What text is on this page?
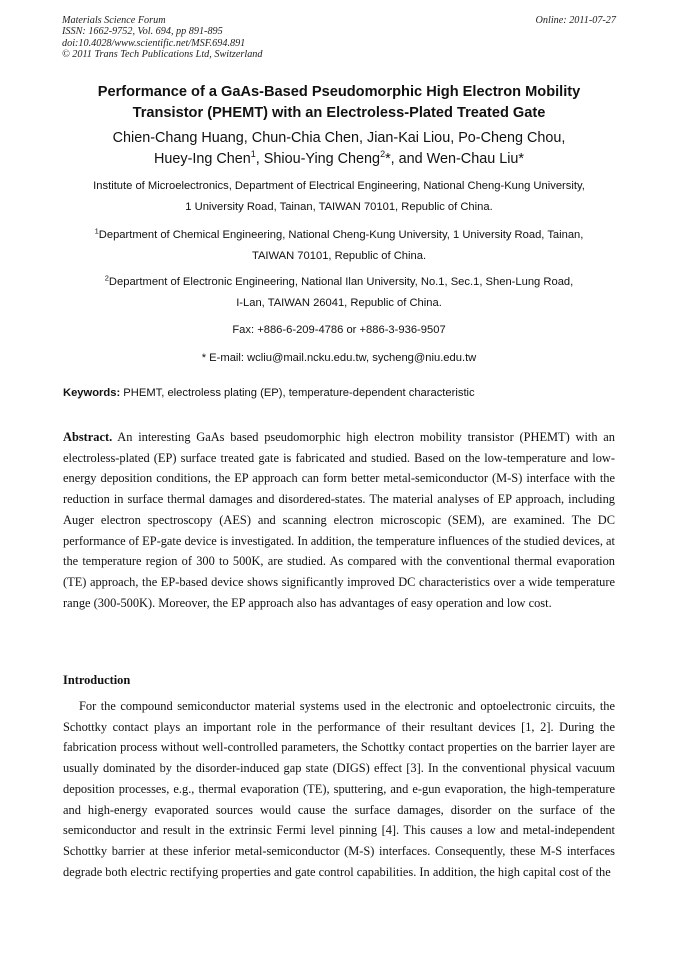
Materials Science Forum
ISSN: 1662-9752, Vol. 694, pp 891-895
doi:10.4028/www.scientific.net/MSF.694.891
© 2011 Trans Tech Publications Ltd, Switzerland
Online: 2011-07-27
Performance of a GaAs-Based Pseudomorphic High Electron Mobility
Transistor (PHEMT) with an Electroless-Plated Treated Gate
Chien-Chang Huang, Chun-Chia Chen, Jian-Kai Liou, Po-Cheng Chou,
Huey-Ing Chen$^1$, Shiou-Ying Cheng$^2$*, and Wen-Chau Liu*
Institute of Microelectronics, Department of Electrical Engineering, National Cheng-Kung University,
1 University Road, Tainan, TAIWAN 70101, Republic of China.
$^1$Department of Chemical Engineering, National Cheng-Kung University, 1 University Road, Tainan,
TAIWAN 70101, Republic of China.
$^2$Department of Electronic Engineering, National Ilan University, No.1, Sec.1, Shen-Lung Road,
I-Lan, TAIWAN 26041, Republic of China.
Fax: +886-6-209-4786 or +886-3-936-9507
* E-mail: wcliu@mail.ncku.edu.tw, sycheng@niu.edu.tw
Keywords: PHEMT, electroless plating (EP), temperature-dependent characteristic
Abstract. An interesting GaAs based pseudomorphic high electron mobility transistor (PHEMT) with an electroless-plated (EP) surface treated gate is fabricated and studied. Based on the low-temperature and low-energy deposition conditions, the EP approach can form better metal-semiconductor (M-S) interface with the reduction in surface thermal damages and disordered-states. The material analyses of EP approach, including Auger electron spectroscopy (AES) and scanning electron microscopic (SEM), are examined. The DC performance of EP-gate device is investigated. In addition, the temperature influences of the studied devices, at the temperature region of 300 to 500K, are studied. As compared with the conventional thermal evaporation (TE) approach, the EP-based device shows significantly improved DC characteristics over a wide temperature range (300-500K). Moreover, the EP approach also has advantages of easy operation and low cost.
Introduction
For the compound semiconductor material systems used in the electronic and optoelectronic circuits, the Schottky contact plays an important role in the performance of their resultant devices [1, 2]. During the fabrication process without well-controlled parameters, the Schottky contact properties on the barrier layer are usually dominated by the disorder-induced gap state (DIGS) effect [3]. In the conventional physical vacuum deposition processes, e.g., thermal evaporation (TE), sputtering, and e-gun evaporation, the high-temperature and high-energy evaporated sources would cause the surface damages, disorder on the surface of the semiconductor and result in the extrinsic Fermi level pinning [4]. This causes a low and metal-independent Schottky barrier at these inferior metal-semiconductor (M-S) interfaces. Consequently, these M-S interfaces degrade both electric rectifying properties and gate control capabilities. In addition, the high capital cost of the
